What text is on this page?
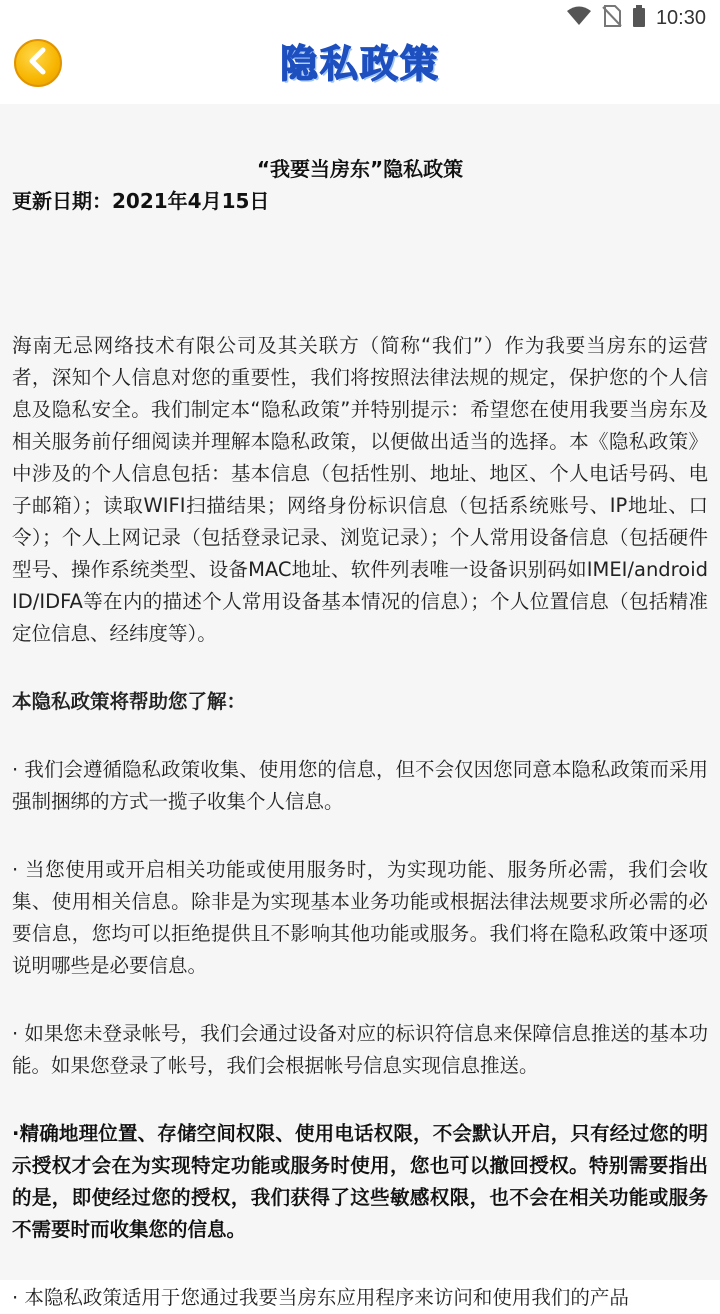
10:30
隐私政策
“我要当房东”隐私政策
更新日期：2021年4月15日

海南无忌网络技术有限公司及其关联方（简称“我们”）作为我要当房东的运营者，深知个人信息对您的重要性，我们将按照法律法规的规定，保护您的个人信息及隐私安全。我们制定本“隐私政策”并特别提示：希望您在使用我要当房东及相关服务前仔细阅读并理解本隐私政策，以便做出适当的选择。本《隐私政策》中涉及的个人信息包括：基本信息（包括性别、地址、地区、个人电话号码、电子邮箱）；读取WIFI扫描结果；网络身份标识信息（包括系统账号、IP地址、口令）；个人上网记录（包括登录记录、浏览记录）；个人常用设备信息（包括硬件型号、操作系统类型、设备MAC地址、软件列表唯一设备识别码如IMEI/android ID/IDFA等在内的描述个人常用设备基本情况的信息）；个人位置信息（包括精准定位信息、经纬度等）。

本隐私政策将帮助您了解：

· 我们会遵循隐私政策收集、使用您的信息，但不会仅因您同意本隐私政策而采用强制捆绑的方式一揽子收集个人信息。

· 当您使用或开启相关功能或使用服务时，为实现功能、服务所必需，我们会收集、使用相关信息。除非是为实现基本业务功能或根据法律法规要求所必需的必要信息，您均可以拒绝提供且不影响其他功能或服务。我们将在隐私政策中逐项说明哪些是必要信息。

· 如果您未登录帐号，我们会通过设备对应的标识符信息来保障信息推送的基本功能。如果您登录了帐号，我们会根据帐号信息实现信息推送。

·精确地理位置、存储空间权限、使用电话权限，不会默认开启，只有经过您的明示授权才会在为实现特定功能或服务时使用，您也可以撤回授权。特别需要指出的是，即使经过您的授权，我们获得了这些敏感权限，也不会在相关功能或服务不需要时而收集您的信息。

· 本隐私政策适用于您通过我要当房东应用程序来访问和使用我们的产品
